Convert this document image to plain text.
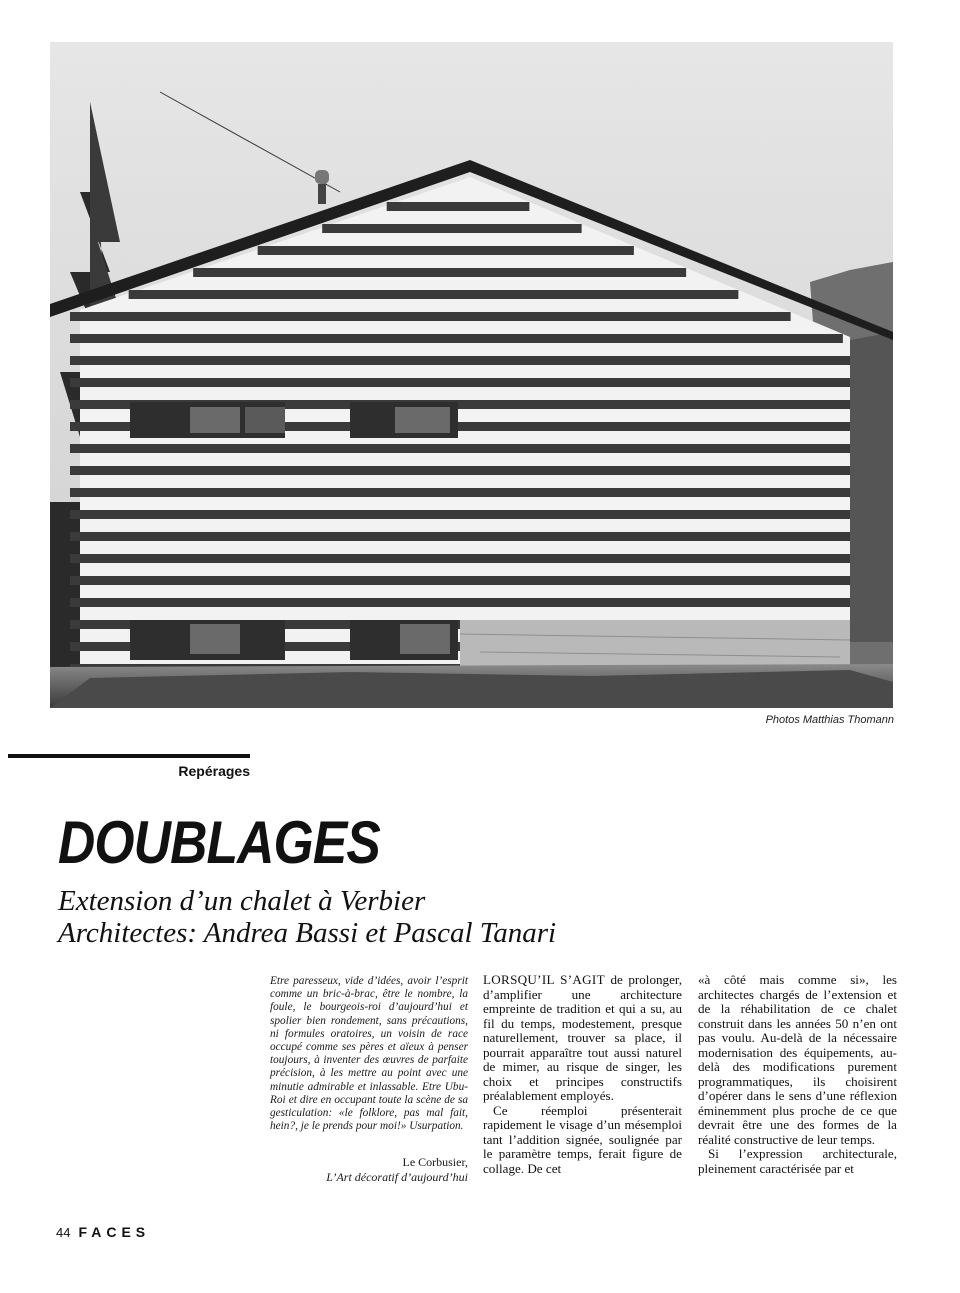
Photos Matthias Thomann
Repérages
DOUBLAGES
Extension d’un chalet à Verbier
Architectes: Andrea Bassi et Pascal Tanari
Etre paresseux, vide d’idées, avoir l’esprit comme un bric-à-brac, être le nombre, la foule, le bourgeois-roi d’aujourd’hui et spolier bien rondement, sans précautions, ni formules oratoires, un voisin de race occupé comme ses pères et aïeux à penser toujours, à inventer des œuvres de parfaite précision, à les mettre au point avec une minutie admirable et inlassable. Etre Ubu-Roi et dire en occupant toute la scène de sa gesticulation: «le folklore, pas mal fait, hein?, je le prends pour moi!» Usurpation.
Le Corbusier,
L’Art décoratif d’aujourd’hui

LORSQU’IL S’AGIT de prolonger, d’amplifier une architecture empreinte de tradition et qui a su, au fil du temps, modestement, presque naturellement, trouver sa place, il pourrait apparaître tout aussi naturel de mimer, au risque de singer, les choix et principes constructifs préalablement employés.

Ce réemploi présenterait rapidement le visage d’un mésemploi tant l’addition signée, soulignée par le paramètre temps, ferait figure de collage. De cet

«à côté mais comme si», les architectes chargés de l’extension et de la réhabilitation de ce chalet construit dans les années 50 n’en ont pas voulu. Au-delà de la nécessaire modernisation des équipements, au-delà des modifications purement programmatiques, ils choisirent d’opérer dans le sens d’une réflexion éminemment plus proche de ce que devrait être une des formes de la réalité constructive de leur temps.

Si l’expression architecturale, pleinement caractérisée par et

44 FACES
